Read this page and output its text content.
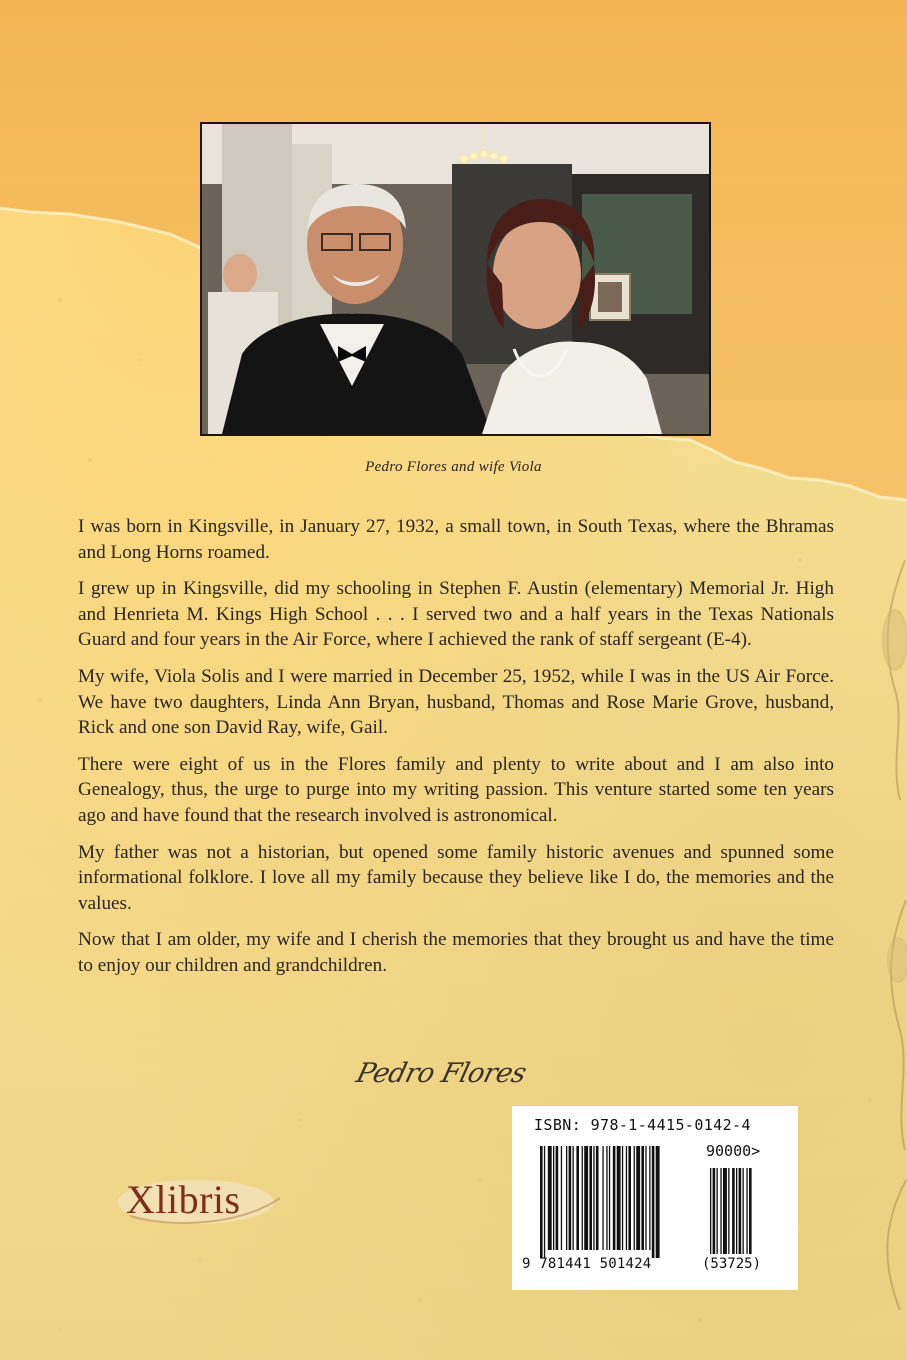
Pedro Flores and wife Viola

I was born in Kingsville, in January 27, 1932, a small town, in South Texas, where the Bhramas and Long Horns roamed.

I grew up in Kingsville, did my schooling in Stephen F. Austin (elementary) Memorial Jr. High and Henrieta M. Kings High School . . . I served two and a half years in the Texas Nationals Guard and four years in the Air Force, where I achieved the rank of staff sergeant (E-4).

My wife, Viola Solis and I were married in December 25, 1952, while I was in the US Air Force. We have two daughters, Linda Ann Bryan, husband, Thomas and Rose Marie Grove, husband, Rick and one son David Ray, wife, Gail.

There were eight of us in the Flores family and plenty to write about and I am also into Genealogy, thus, the urge to purge into my writing passion. This venture started some ten years ago and have found that the research involved is astronomical.

My father was not a historian, but opened some family historic avenues and spunned some informational folklore. I love all my family because they believe like I do, the memories and the values.

Now that I am older, my wife and I cherish the memories that they brought us and have the time to enjoy our children and grandchildren.

Pedro Flores
Xlibris
ISBN: 978-1-4415-0142-4
90000>
9 781441 501424	(53725)
